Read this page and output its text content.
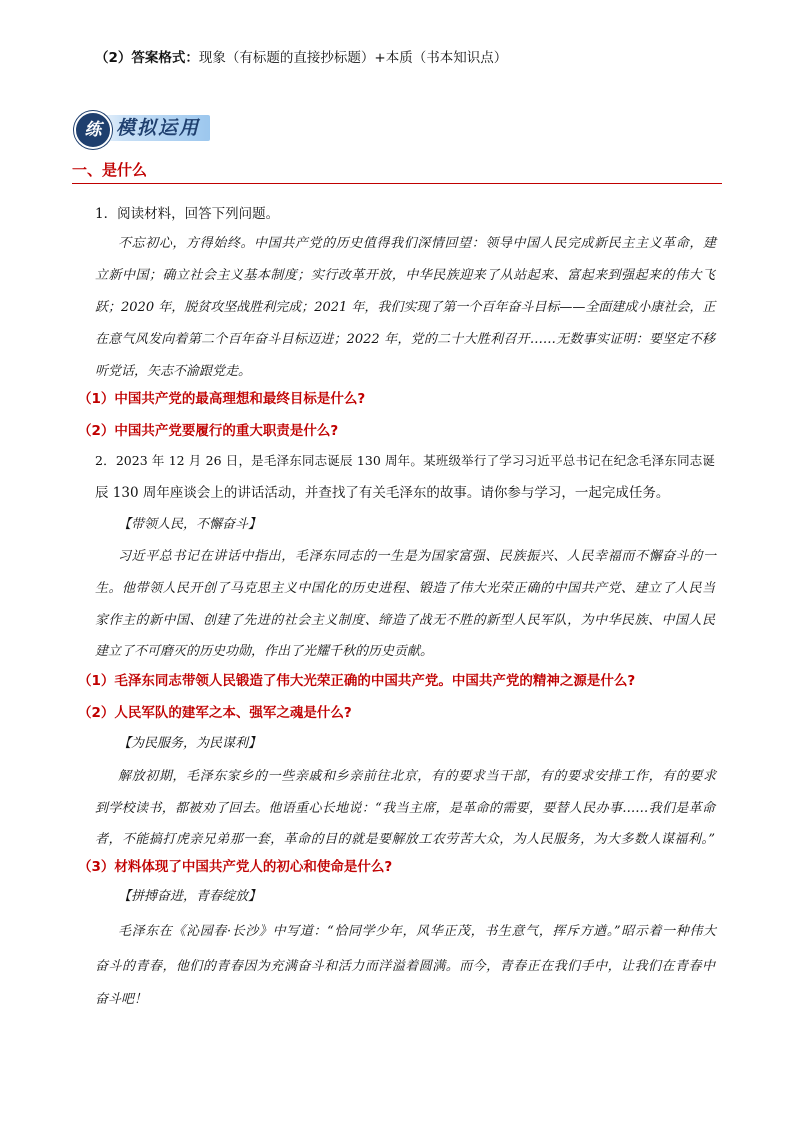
（2）答案格式：现象（有标题的直接抄标题）+本质（书本知识点）
练 模拟运用
一、是什么
1．阅读材料，回答下列问题。
不忘初心，方得始终。中国共产党的历史值得我们深情回望：领导中国人民完成新民主主义革命，建
立新中国；确立社会主义基本制度；实行改革开放，中华民族迎来了从站起来、富起来到强起来的伟大飞
跃；2020 年，脱贫攻坚战胜利完成；2021 年，我们实现了第一个百年奋斗目标——全面建成小康社会，正
在意气风发向着第二个百年奋斗目标迈进；2022 年，党的二十大胜利召开……无数事实证明：要坚定不移
听党话，矢志不渝跟党走。
（1）中国共产党的最高理想和最终目标是什么?
（2）中国共产党要履行的重大职责是什么?
2．2023 年 12 月 26 日，是毛泽东同志诞辰 130 周年。某班级举行了学习习近平总书记在纪念毛泽东同志诞
辰 130 周年座谈会上的讲话活动，并查找了有关毛泽东的故事。请你参与学习，一起完成任务。
【带领人民，不懈奋斗】
习近平总书记在讲话中指出，毛泽东同志的一生是为国家富强、民族振兴、人民幸福而不懈奋斗的一
生。他带领人民开创了马克思主义中国化的历史进程、锻造了伟大光荣正确的中国共产党、建立了人民当
家作主的新中国、创建了先进的社会主义制度、缔造了战无不胜的新型人民军队，为中华民族、中国人民
建立了不可磨灭的历史功勋，作出了光耀千秋的历史贡献。
（1）毛泽东同志带领人民锻造了伟大光荣正确的中国共产党。中国共产党的精神之源是什么?
（2）人民军队的建军之本、强军之魂是什么?
【为民服务，为民谋利】
解放初期，毛泽东家乡的一些亲戚和乡亲前往北京，有的要求当干部，有的要求安排工作，有的要求
到学校读书，都被劝了回去。他语重心长地说：“我当主席，是革命的需要，要替人民办事……我们是革命
者，不能搞打虎亲兄弟那一套，革命的目的就是要解放工农劳苦大众，为人民服务，为大多数人谋福利。”
（3）材料体现了中国共产党人的初心和使命是什么?
【拼搏奋进，青春绽放】
毛泽东在《沁园春·长沙》中写道：“恰同学少年，风华正茂，书生意气，挥斥方遒。”昭示着一种伟大
奋斗的青春，他们的青春因为充满奋斗和活力而洋溢着圆满。而今，青春正在我们手中，让我们在青春中
奋斗吧！
